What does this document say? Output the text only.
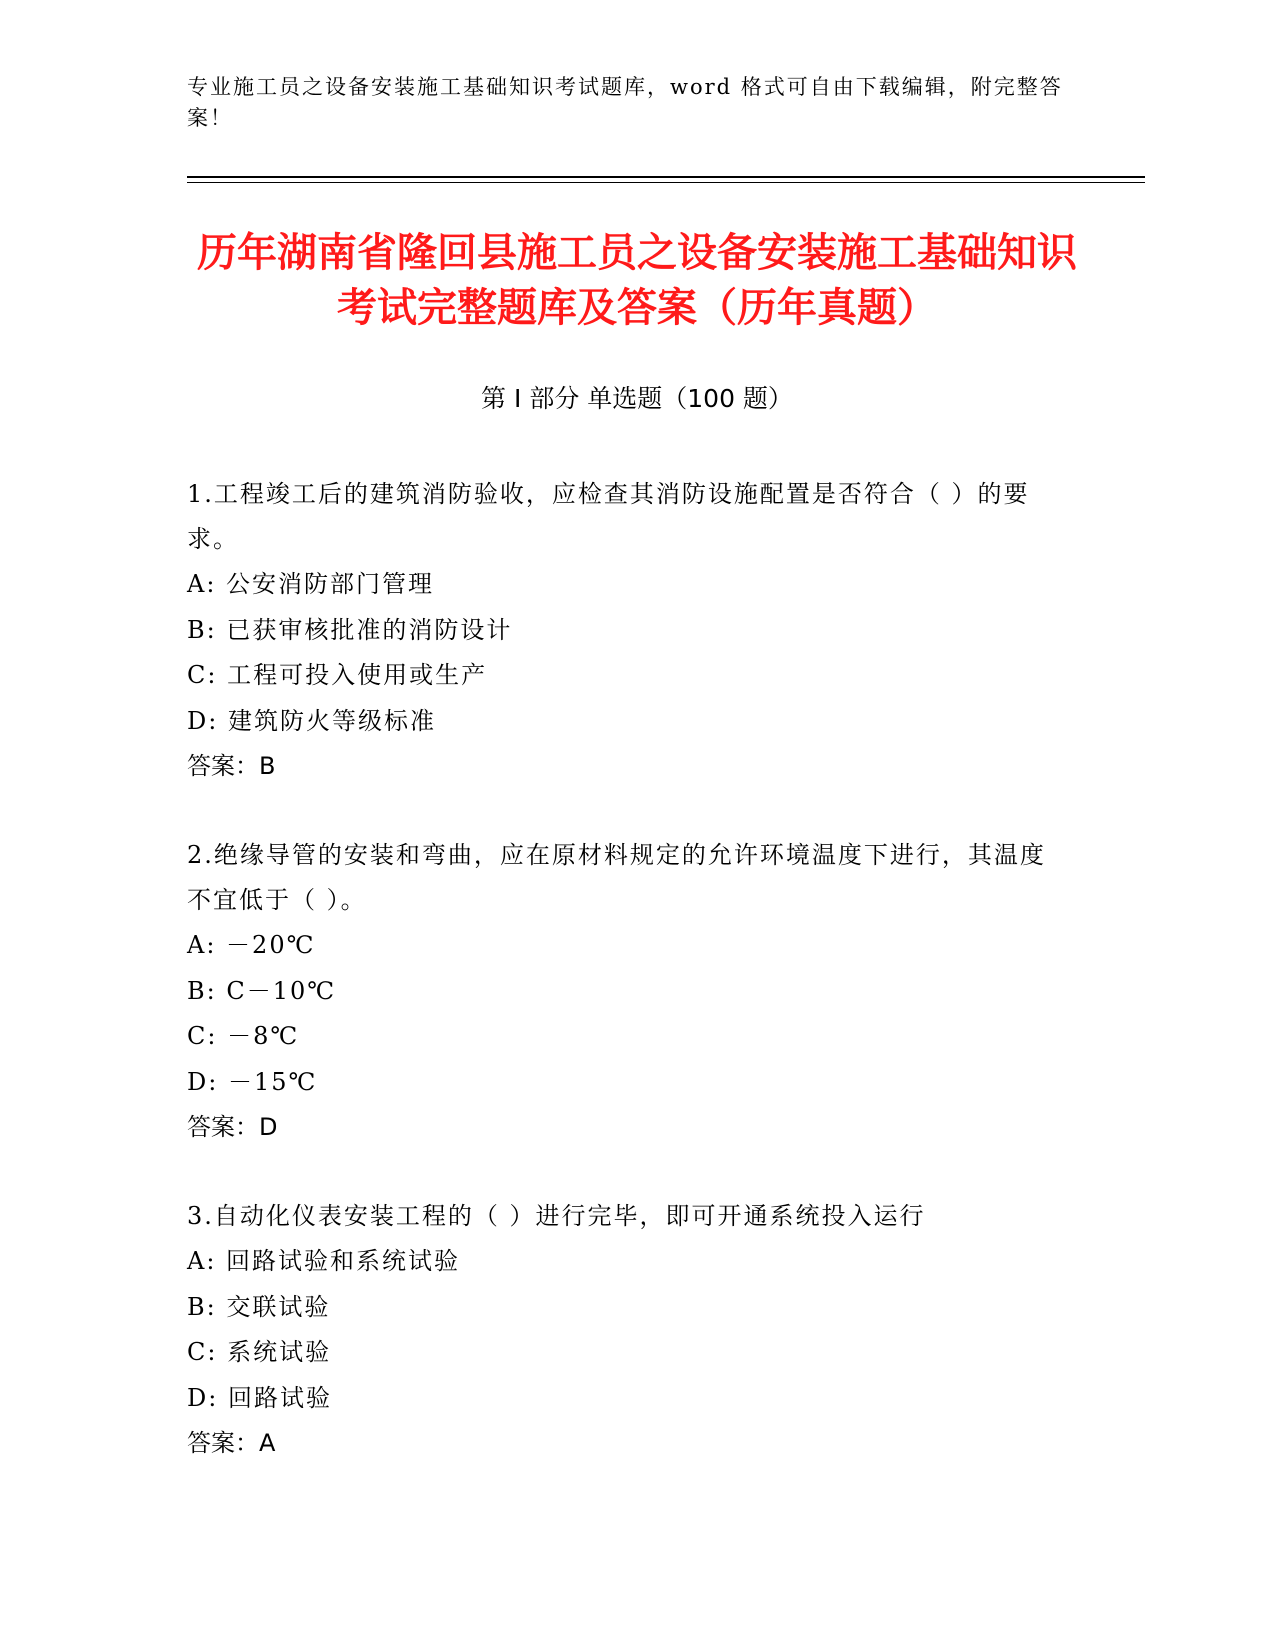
专业施工员之设备安装施工基础知识考试题库，word 格式可自由下载编辑，附完整答案！
历年湖南省隆回县施工员之设备安装施工基础知识考试完整题库及答案（历年真题）
第 I 部分 单选题（100 题）
1.工程竣工后的建筑消防验收，应检查其消防设施配置是否符合（ ）的要求。
A: 公安消防部门管理
B: 已获审核批准的消防设计
C: 工程可投入使用或生产
D: 建筑防火等级标准
答案：B
2.绝缘导管的安装和弯曲，应在原材料规定的允许环境温度下进行，其温度不宜低于（ ）。
A: －20℃
B: C－10℃
C: －8℃
D: －15℃
答案：D
3.自动化仪表安装工程的（ ）进行完毕，即可开通系统投入运行
A: 回路试验和系统试验
B: 交联试验
C: 系统试验
D: 回路试验
答案：A
